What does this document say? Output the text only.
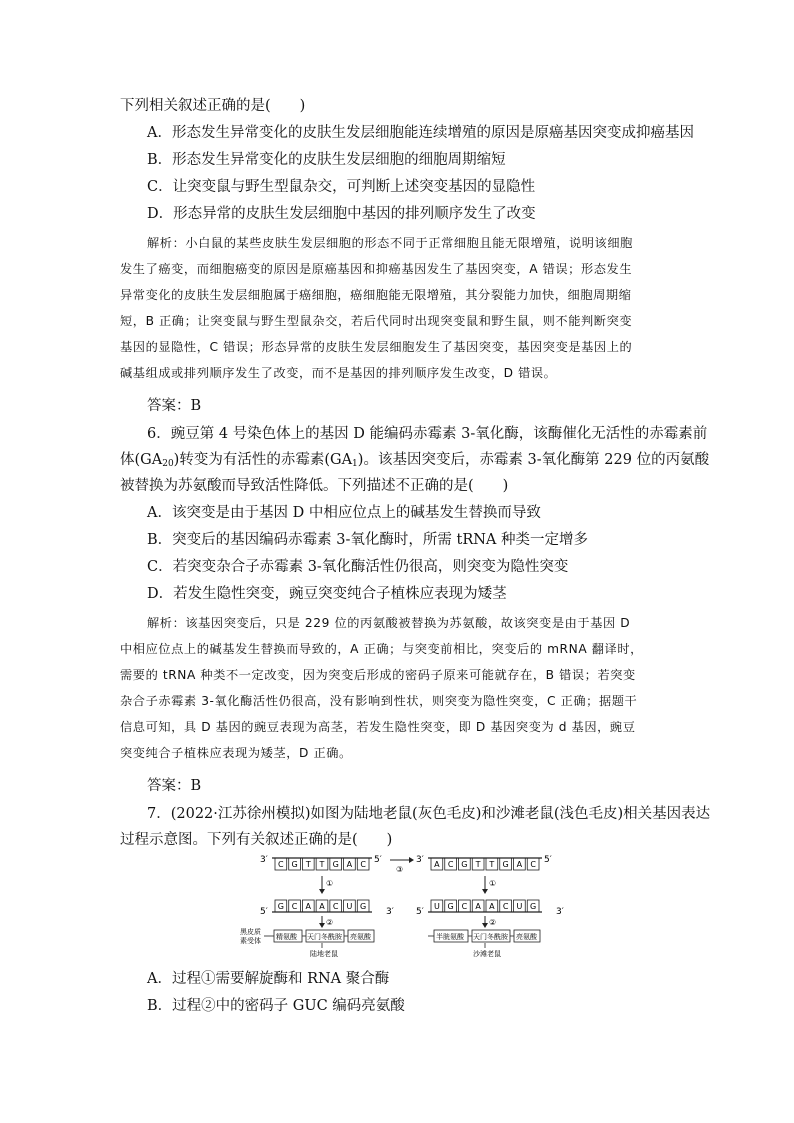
下列相关叙述正确的是(　　)
A．形态发生异常变化的皮肤生发层细胞能连续增殖的原因是原癌基因突变成抑癌基因
B．形态发生异常变化的皮肤生发层细胞的细胞周期缩短
C．让突变鼠与野生型鼠杂交，可判断上述突变基因的显隐性
D．形态异常的皮肤生发层细胞中基因的排列顺序发生了改变
解析：小白鼠的某些皮肤生发层细胞的形态不同于正常细胞且能无限增殖，说明该细胞
发生了癌变，而细胞癌变的原因是原癌基因和抑癌基因发生了基因突变，A 错误；形态发生
异常变化的皮肤生发层细胞属于癌细胞，癌细胞能无限增殖，其分裂能力加快，细胞周期缩
短，B 正确；让突变鼠与野生型鼠杂交，若后代同时出现突变鼠和野生鼠，则不能判断突变
基因的显隐性，C 错误；形态异常的皮肤生发层细胞发生了基因突变，基因突变是基因上的
碱基组成或排列顺序发生了改变，而不是基因的排列顺序发生改变，D 错误。
答案：B
6．豌豆第 4 号染色体上的基因 D 能编码赤霉素 3-氧化酶，该酶催化无活性的赤霉素前
体$(GA_{20})$转变为有活性的赤霉素$(GA_1)$。该基因突变后，赤霉素 3-氧化酶第 229 位的丙氨酸
被替换为苏氨酸而导致活性降低。下列描述不正确的是(　　)
A．该突变是由于基因 D 中相应位点上的碱基发生替换而导致
B．突变后的基因编码赤霉素 3-氧化酶时，所需 tRNA 种类一定增多
C．若突变杂合子赤霉素 3-氧化酶活性仍很高，则突变为隐性突变
D．若发生隐性突变，豌豆突变纯合子植株应表现为矮茎
解析：该基因突变后，只是 229 位的丙氨酸被替换为苏氨酸，故该突变是由于基因 D
中相应位点上的碱基发生替换而导致的，A 正确；与突变前相比，突变后的 mRNA 翻译时，
需要的 tRNA 种类不一定改变，因为突变后形成的密码子原来可能就存在，B 错误；若突变
杂合子赤霉素 3-氧化酶活性仍很高，没有影响到性状，则突变为隐性突变，C 正确；据题干
信息可知，具 D 基因的豌豆表现为高茎，若发生隐性突变，即 D 基因突变为 d 基因，豌豆
突变纯合子植株应表现为矮茎，D 正确。
答案：B
7．(2022·江苏徐州模拟)如图为陆地老鼠(灰色毛皮)和沙滩老鼠(浅色毛皮)相关基因表达
过程示意图。下列有关叙述正确的是(　　)
3′ C G T T G A C 5′
①
5′
G C A A C U G
3′
②
黑皮质
素受体 精氨酸 天门冬酰胺 亮氨酸
陆地老鼠
③
3′ A C G T T G A C 5′
①
5′
U G C A A C U G
3′
②
半胱氨酸 天门冬酰胺 亮氨酸
沙滩老鼠
A．过程①需要解旋酶和 RNA 聚合酶
B．过程②中的密码子 GUC 编码亮氨酸
